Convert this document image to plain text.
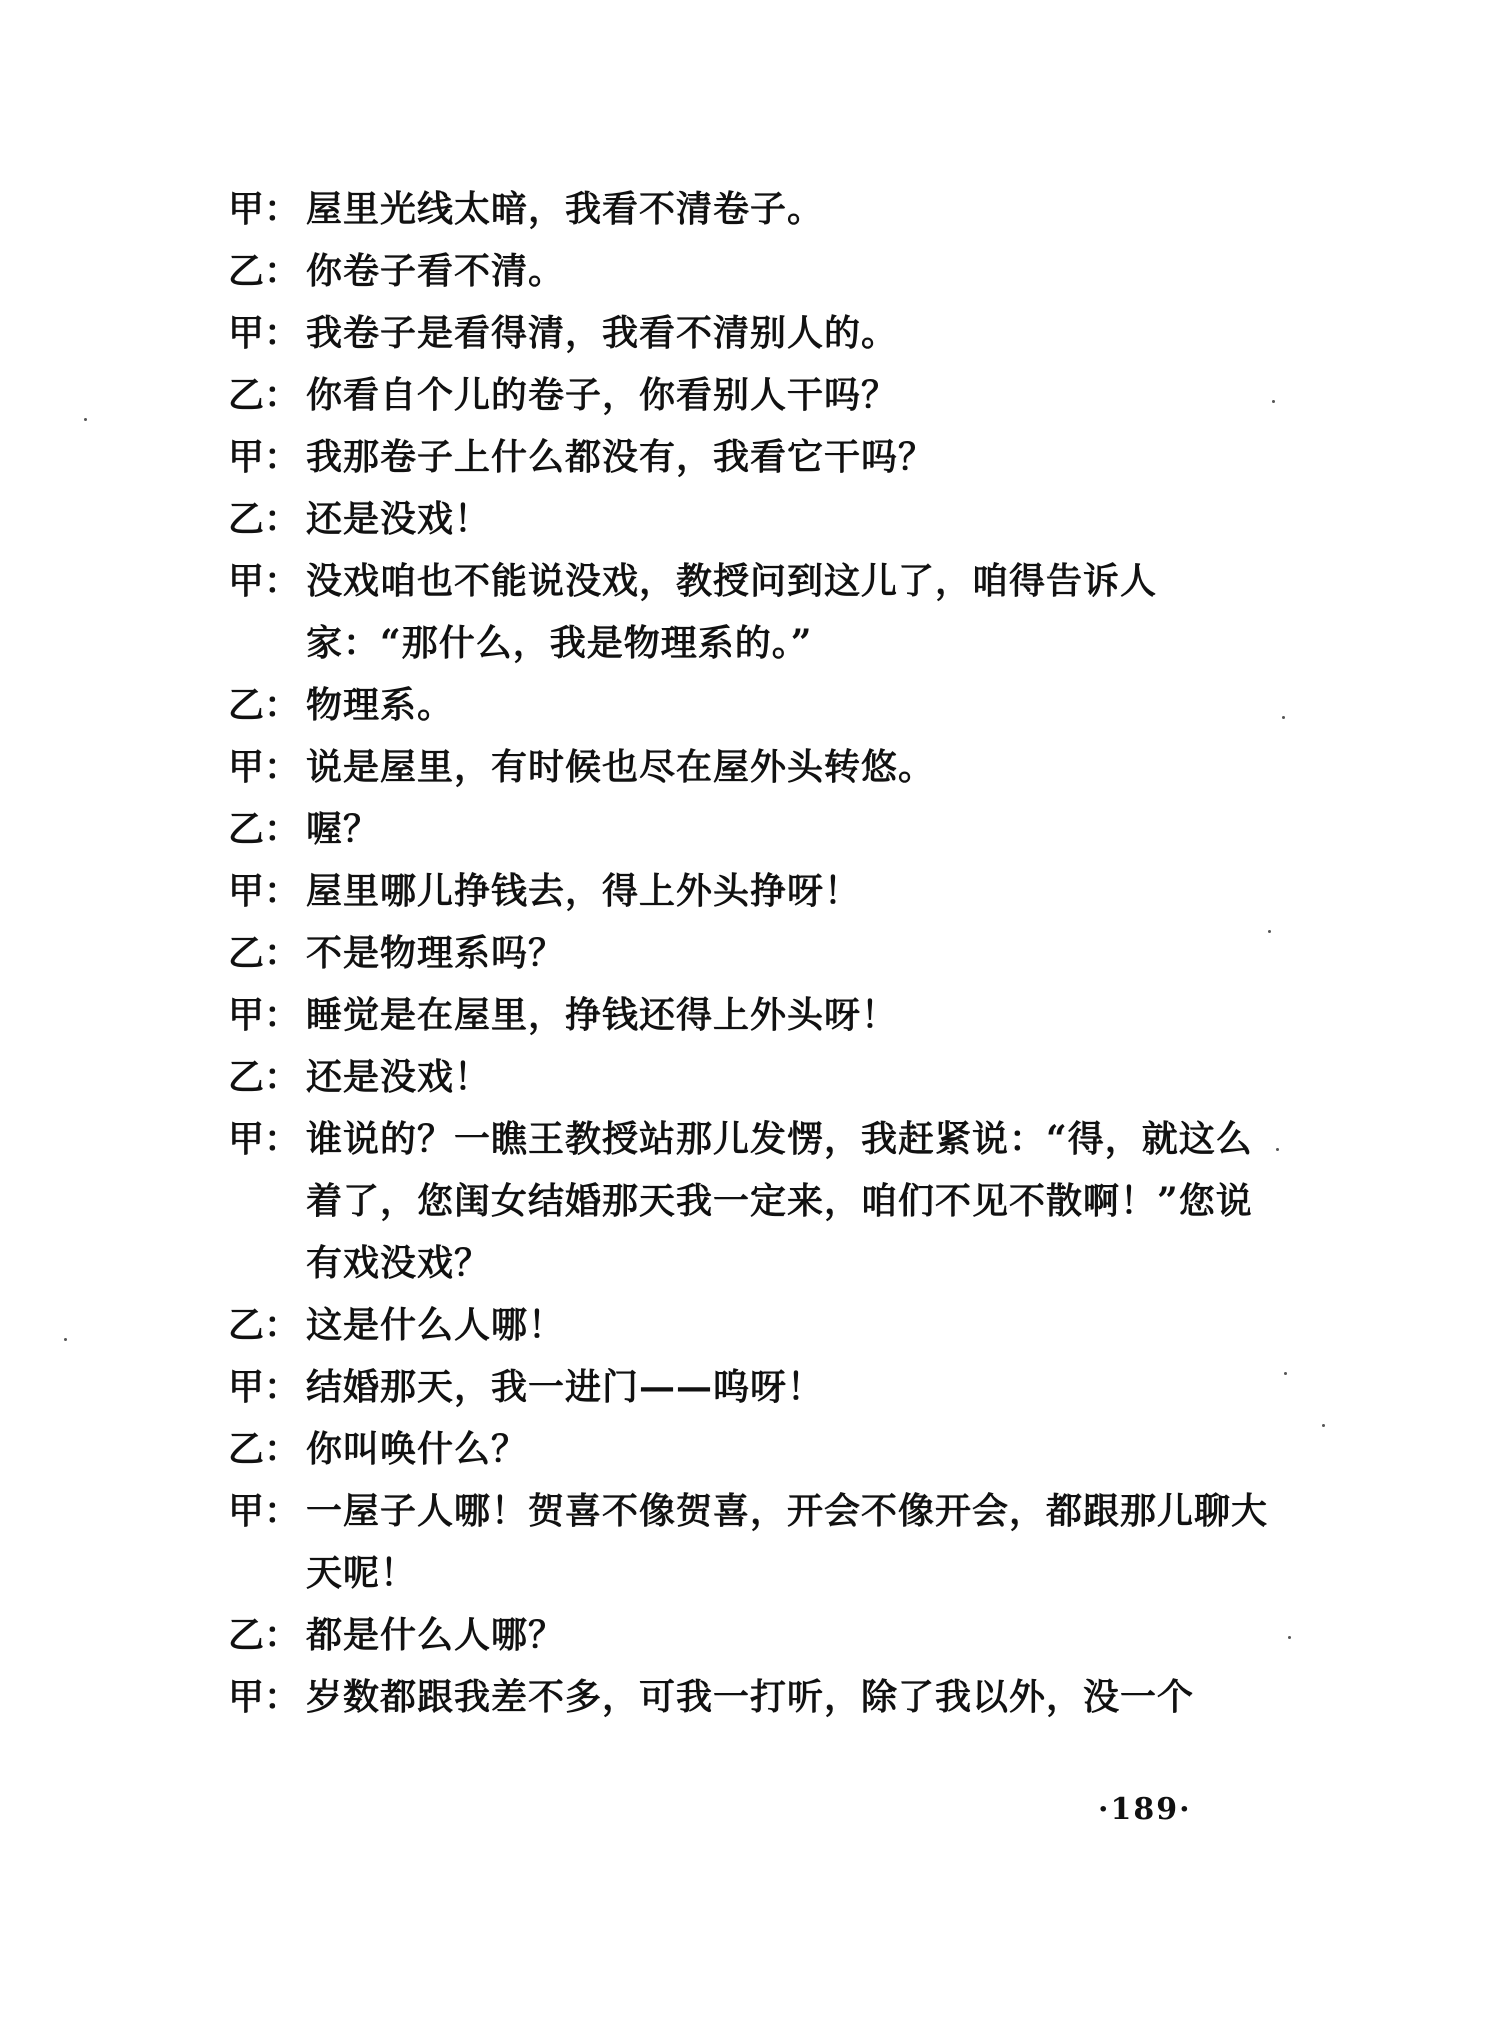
甲： 屋里光线太暗，我看不清卷子。
乙： 你卷子看不清。
甲： 我卷子是看得清，我看不清别人的。
乙： 你看自个儿的卷子，你看别人干吗？
甲： 我那卷子上什么都没有，我看它干吗？
乙： 还是没戏！
甲： 没戏咱也不能说没戏，教授问到这儿了，咱得告诉人家：“那什么，我是物理系的。”
乙： 物理系。
甲： 说是屋里，有时候也尽在屋外头转悠。
乙： 喔？
甲： 屋里哪儿挣钱去，得上外头挣呀！
乙： 不是物理系吗？
甲： 睡觉是在屋里，挣钱还得上外头呀！
乙： 还是没戏！
甲： 谁说的？一瞧王教授站那儿发愣，我赶紧说：“得，就这么着了，您闺女结婚那天我一定来，咱们不见不散啊！”您说有戏没戏？
乙： 这是什么人哪！
甲： 结婚那天，我一进门——呜呀！
乙： 你叫唤什么？
甲： 一屋子人哪！贺喜不像贺喜，开会不像开会，都跟那儿聊大天呢！
乙： 都是什么人哪？
甲： 岁数都跟我差不多，可我一打听，除了我以外，没一个
·189·
